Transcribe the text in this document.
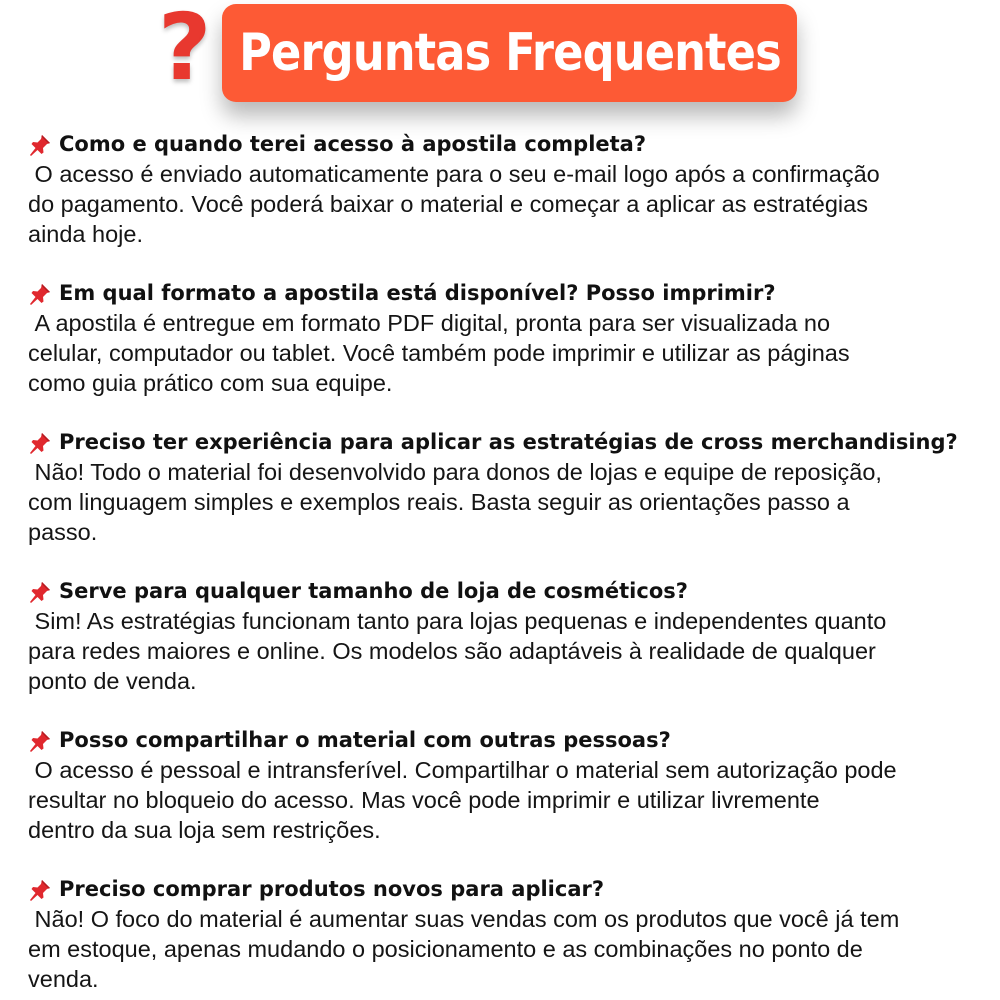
? Perguntas Frequentes
Como e quando terei acesso à apostila completa?

O acesso é enviado automaticamente para o seu e-mail logo após a confirmação
do pagamento. Você poderá baixar o material e começar a aplicar as estratégias
ainda hoje.

Em qual formato a apostila está disponível? Posso imprimir?

A apostila é entregue em formato PDF digital, pronta para ser visualizada no
celular, computador ou tablet. Você também pode imprimir e utilizar as páginas
como guia prático com sua equipe.

Preciso ter experiência para aplicar as estratégias de cross merchandising?

Não! Todo o material foi desenvolvido para donos de lojas e equipe de reposição,
com linguagem simples e exemplos reais. Basta seguir as orientações passo a
passo.

Serve para qualquer tamanho de loja de cosméticos?

Sim! As estratégias funcionam tanto para lojas pequenas e independentes quanto
para redes maiores e online. Os modelos são adaptáveis à realidade de qualquer
ponto de venda.

Posso compartilhar o material com outras pessoas?

O acesso é pessoal e intransferível. Compartilhar o material sem autorização pode
resultar no bloqueio do acesso. Mas você pode imprimir e utilizar livremente
dentro da sua loja sem restrições.

Preciso comprar produtos novos para aplicar?

Não! O foco do material é aumentar suas vendas com os produtos que você já tem
em estoque, apenas mudando o posicionamento e as combinações no ponto de
venda.
